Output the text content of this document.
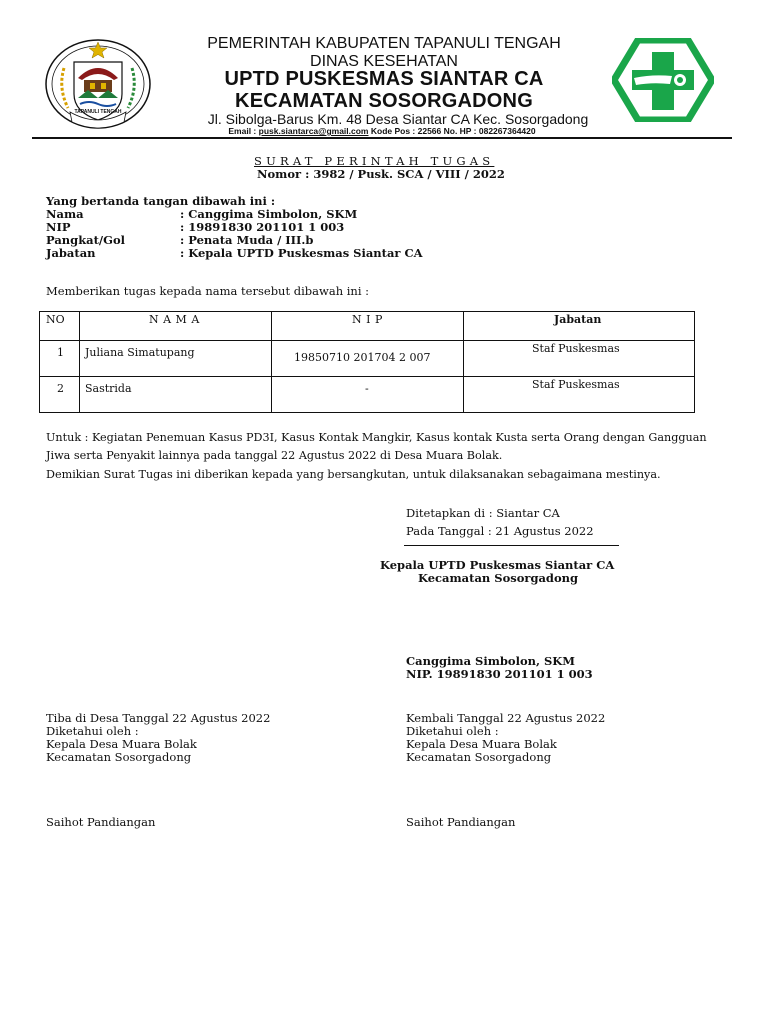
TAPANULI TENGAH
PEMERINTAH KABUPATEN TAPANULI TENGAH
DINAS KESEHATAN
UPTD PUSKESMAS SIANTAR CA
KECAMATAN SOSORGADONG
Jl. Sibolga-Barus Km. 48 Desa Siantar CA Kec. Sosorgadong
Email : pusk.siantarca@gmail.com Kode Pos : 22566 No. HP : 082267364420
SURAT PERINTAH TUGAS
Nomor : 3982 / Pusk. SCA / VIII / 2022
Yang bertanda tangan dibawah ini :
Nama	: Canggima Simbolon, SKM
NIP	: 19891830 201101 1 003
Pangkat/Gol	: Penata Muda / III.b
Jabatan	: Kepala UPTD Puskesmas Siantar CA
Memberikan tugas kepada nama tersebut dibawah ini :
NO	N A M A	N I P	Jabatan

1	Juliana Simatupang	19850710 201704 2 007	Staf Puskesmas

2	Sastrida	-	Staf Puskesmas
Untuk : Kegiatan Penemuan Kasus PD3I, Kasus Kontak Mangkir, Kasus kontak Kusta serta Orang dengan Gangguan
Jiwa serta Penyakit lainnya pada tanggal 22 Agustus 2022 di Desa Muara Bolak.
Demikian Surat Tugas ini diberikan kepada yang bersangkutan, untuk dilaksanakan sebagaimana mestinya.
Ditetapkan di : Siantar CA
Pada Tanggal : 21 Agustus 2022
Kepala UPTD Puskesmas Siantar CA
Kecamatan Sosorgadong
Canggima Simbolon, SKM
NIP. 19891830 201101 1 003
Tiba di Desa Tanggal 22 Agustus 2022
Diketahui oleh :
Kepala Desa Muara Bolak
Kecamatan Sosorgadong
Saihot Pandiangan
Kembali Tanggal 22 Agustus 2022
Diketahui oleh :
Kepala Desa Muara Bolak
Kecamatan Sosorgadong
Saihot Pandiangan
